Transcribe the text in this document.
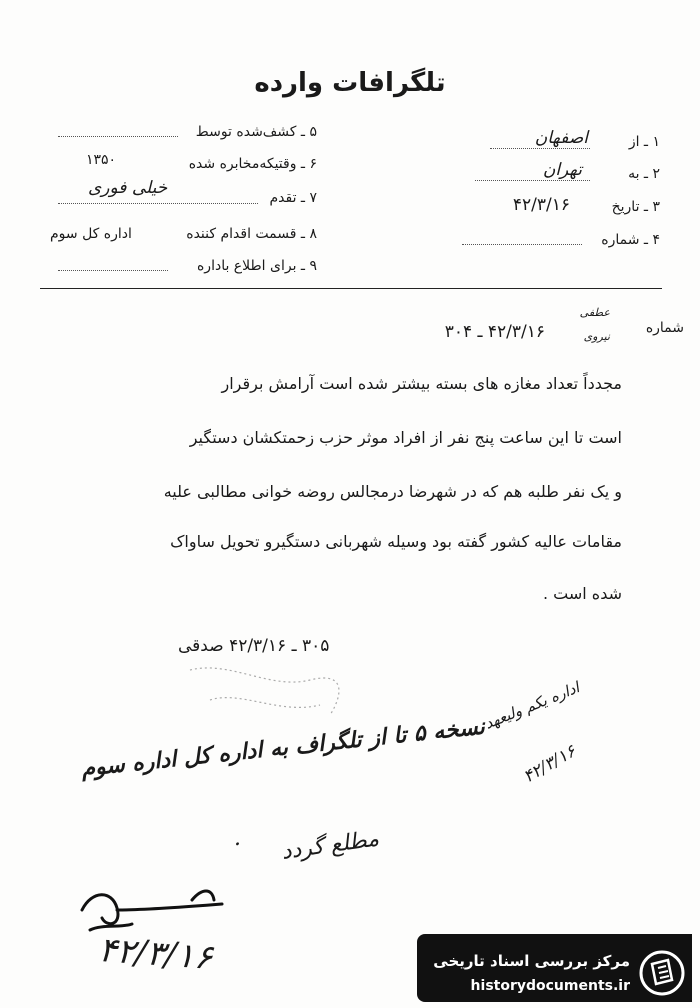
تلگرافات وارده
۱ ـ از
اصفهان
۲ ـ به
تهران
۳ ـ تاریخ
۴۲/۳/۱۶
۴ ـ شماره
۵ ـ کشف‌شده توسط
۶ ـ وقتیکه‌مخابره شده
۱۳۵۰
۷ ـ تقدم
خیلی فوری
۸ ـ قسمت اقدام کننده
اداره کل سوم
۹ ـ برای اطلاع باداره
شماره
عطفی
نیروی
۴۲/۳/۱۶ ـ ۳۰۴
مجدداً تعداد مغازه های بسته بیشتر شده است آرامش برقرار
است تا این ساعت پنج نفر از افراد موثر حزب زحمتکشان دستگیر
و یک نفر طلبه هم که در شهرضا درمجالس روضه خوانی مطالبی علیه
مقامات عالیه کشور گفته بود وسیله شهربانی دستگیرو تحویل ساواک
شده است .
۳۰۵ ـ ۴۲/۳/۱۶ صدقی
اداره یکم ولیعهد
۴۲/۳/۱۶
نسخه ۵ تا از تلگراف به اداره کل اداره سوم
مطلع گردد
.
۴۲/۳/۱۶	مرکز بررسی اسناد تاریخی
historydocuments.ir
